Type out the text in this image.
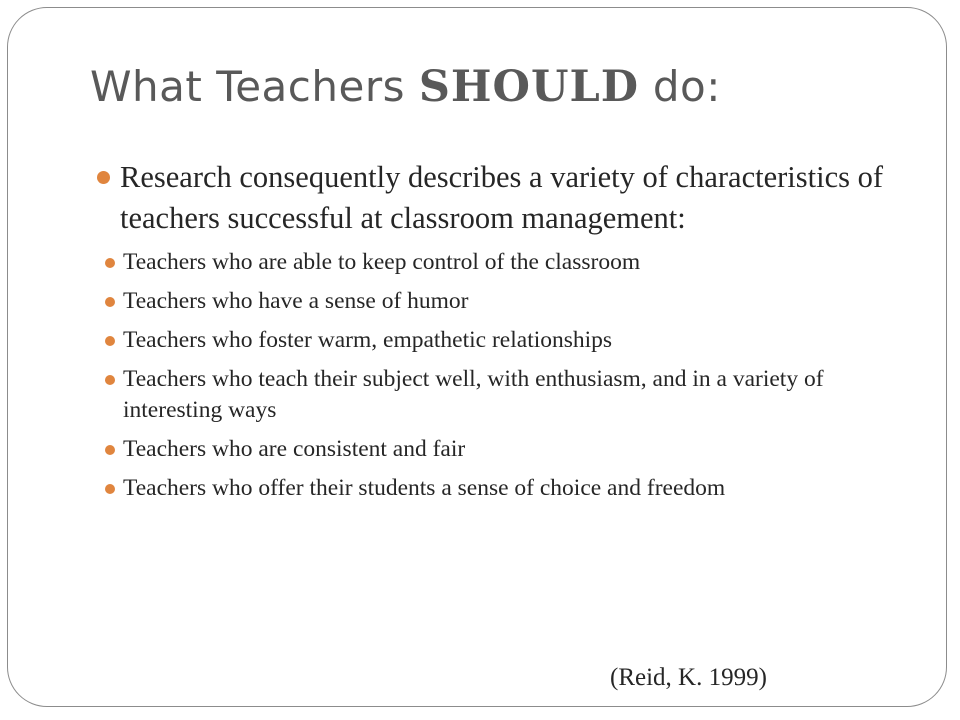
What Teachers SHOULD do:
Research consequently describes a variety of characteristics of teachers successful at classroom management:
Teachers who are able to keep control of the classroom
Teachers who have a sense of humor
Teachers who foster warm, empathetic relationships
Teachers who teach their subject well, with enthusiasm, and in a variety of interesting ways
Teachers who are consistent and fair
Teachers who offer their students a sense of choice and freedom
(Reid, K. 1999)
